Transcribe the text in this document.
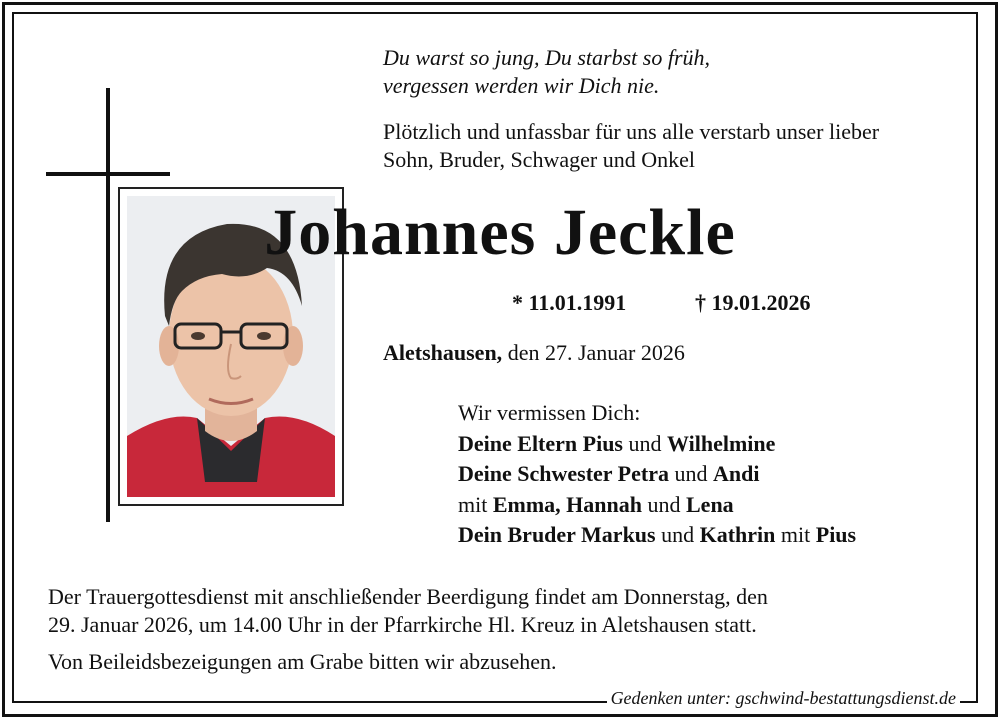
Du warst so jung, Du starbst so früh,
vergessen werden wir Dich nie.
Plötzlich und unfassbar für uns alle verstarb unser lieber
Sohn, Bruder, Schwager und Onkel
Johannes Jeckle
* 11.01.1991	† 19.01.2026
Aletshausen, den 27. Januar 2026
Wir vermissen Dich:
Deine Eltern Pius und Wilhelmine
Deine Schwester Petra und Andi
mit Emma, Hannah und Lena
Dein Bruder Markus und Kathrin mit Pius
Der Trauergottesdienst mit anschließender Beerdigung findet am Donnerstag, den
29. Januar 2026, um 14.00 Uhr in der Pfarrkirche Hl. Kreuz in Aletshausen statt.
Von Beileidsbezeigungen am Grabe bitten wir abzusehen.
Gedenken unter: gschwind-bestattungsdienst.de
